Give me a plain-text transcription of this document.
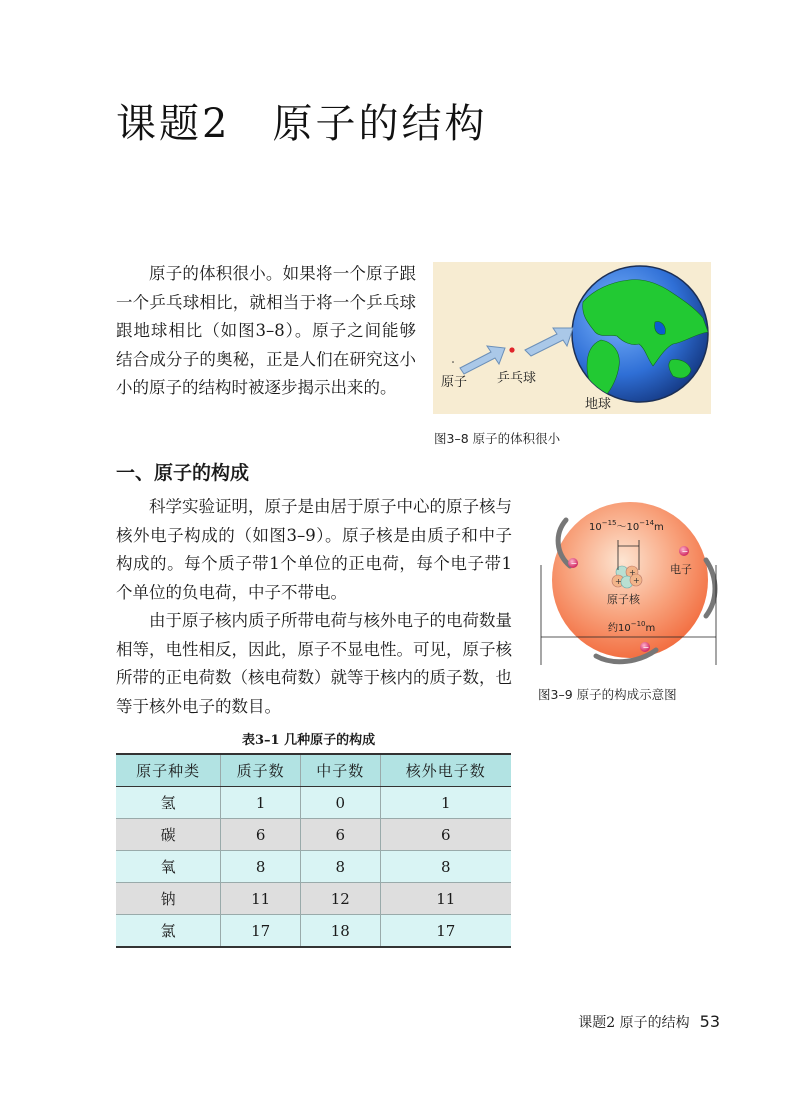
课题2 原子的结构

原子的体积很小。如果将一个原子跟一个乒乓球相比，就相当于将一个乒乓球跟地球相比（如图3–8）。原子之间能够结合成分子的奥秘，正是人们在研究这小小的原子的结构时被逐步揭示出来的。	原子 乒乓球
地球
图3–8 原子的体积很小
一、原子的构成

科学实验证明，原子是由居于原子中心的原子核与核外电子构成的（如图3–9）。原子核是由质子和中子构成的。每个质子带1个单位的正电荷，每个电子带1个单位的负电荷，中子不带电。

由于原子核内质子所带电荷与核外电子的电荷数量相等，电性相反，因此，原子不显电性。可见，原子核所带的正电荷数（核电荷数）就等于核内的质子数，也等于核外电子的数目。

−
−
−
+
+ +
$10^{-15}\sim 10^{-14}m$
电子
原子核
约$10^{-10}m$
图3–9 原子的构成示意图
表3–1 几种原子的构成
原子种类	质子数	中子数	核外电子数
氢	1	0	1
碳	6	6	6
氧	8	8	8
钠	11	12	11
氯	17	18	17
课题2 原子的结构 53
